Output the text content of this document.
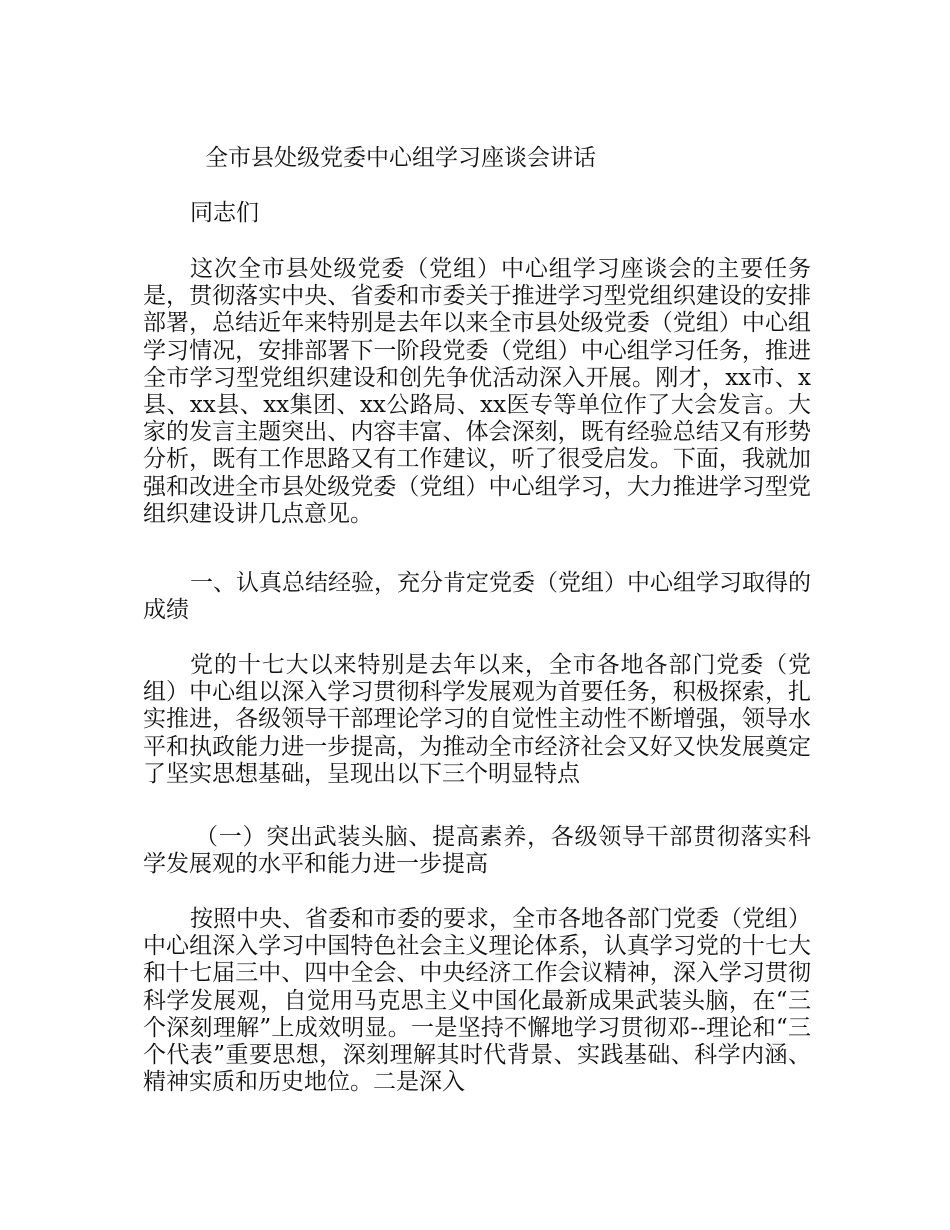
全市县处级党委中心组学习座谈会讲话
同志们

这次全市县处级党委（党组）中心组学习座谈会的主要任务是，贯彻落实中央、省委和市委关于推进学习型党组织建设的安排部署，总结近年来特别是去年以来全市县处级党委（党组）中心组学习情况，安排部署下一阶段党委（党组）中心组学习任务，推进全市学习型党组织建设和创先争优活动深入开展。刚才，xx市、x县、xx县、xx集团、xx公路局、xx医专等单位作了大会发言。大家的发言主题突出、内容丰富、体会深刻，既有经验总结又有形势分析，既有工作思路又有工作建议，听了很受启发。下面，我就加强和改进全市县处级党委（党组）中心组学习，大力推进学习型党组织建设讲几点意见。

一、认真总结经验，充分肯定党委（党组）中心组学习取得的成绩

党的十七大以来特别是去年以来，全市各地各部门党委（党组）中心组以深入学习贯彻科学发展观为首要任务，积极探索，扎实推进，各级领导干部理论学习的自觉性主动性不断增强，领导水平和执政能力进一步提高，为推动全市经济社会又好又快发展奠定了坚实思想基础，呈现出以下三个明显特点

（一）突出武装头脑、提高素养，各级领导干部贯彻落实科学发展观的水平和能力进一步提高

按照中央、省委和市委的要求，全市各地各部门党委（党组）中心组深入学习中国特色社会主义理论体系，认真学习党的十七大和十七届三中、四中全会、中央经济工作会议精神，深入学习贯彻科学发展观，自觉用马克思主义中国化最新成果武装头脑，在“三个深刻理解”上成效明显。一是坚持不懈地学习贯彻邓--理论和“三个代表”重要思想，深刻理解其时代背景、实践基础、科学内涵、精神实质和历史地位。二是深入
